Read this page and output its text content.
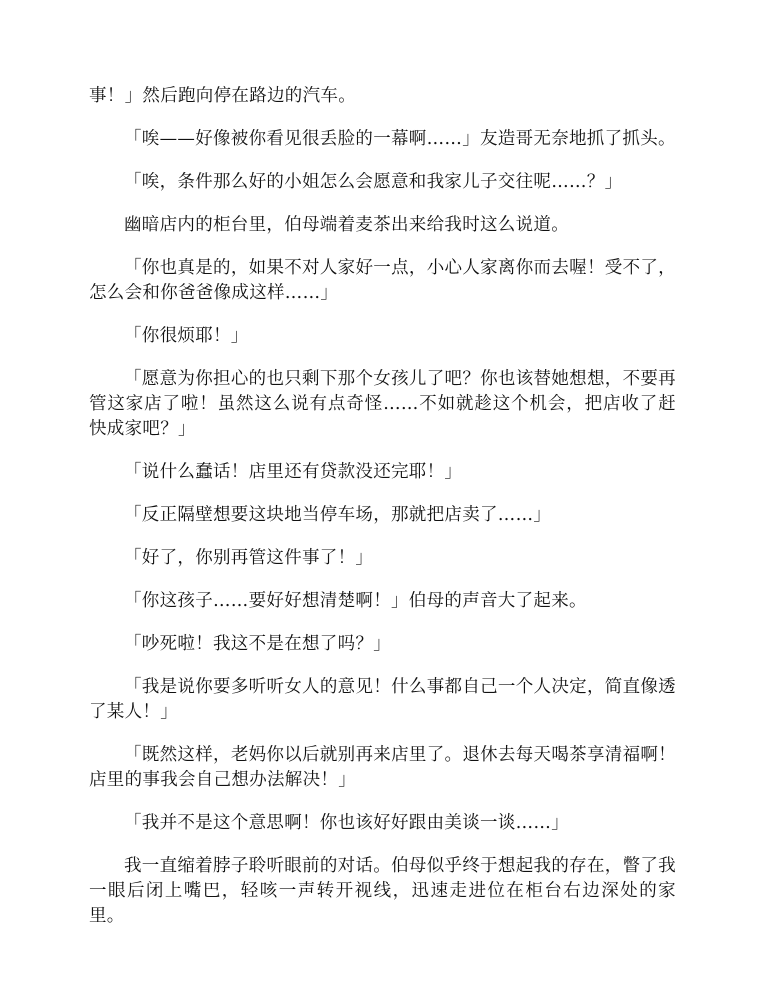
事！」然后跑向停在路边的汽车。

「唉——好像被你看见很丢脸的一幕啊……」友造哥无奈地抓了抓头。

「唉，条件那么好的小姐怎么会愿意和我家儿子交往呢……？」

幽暗店内的柜台里，伯母端着麦茶出来给我时这么说道。

「你也真是的，如果不对人家好一点，小心人家离你而去喔！受不了，怎么会和你爸爸像成这样……」

「你很烦耶！」

「愿意为你担心的也只剩下那个女孩儿了吧？你也该替她想想，不要再管这家店了啦！虽然这么说有点奇怪……不如就趁这个机会，把店收了赶快成家吧？」

「说什么蠢话！店里还有贷款没还完耶！」

「反正隔壁想要这块地当停车场，那就把店卖了……」

「好了，你别再管这件事了！」

「你这孩子……要好好想清楚啊！」伯母的声音大了起来。

「吵死啦！我这不是在想了吗？」

「我是说你要多听听女人的意见！什么事都自己一个人决定，简直像透了某人！」

「既然这样，老妈你以后就别再来店里了。退休去每天喝茶享清福啊！店里的事我会自己想办法解决！」

「我并不是这个意思啊！你也该好好跟由美谈一谈……」

我一直缩着脖子聆听眼前的对话。伯母似乎终于想起我的存在，瞥了我一眼后闭上嘴巴，轻咳一声转开视线，迅速走进位在柜台右边深处的家里。
